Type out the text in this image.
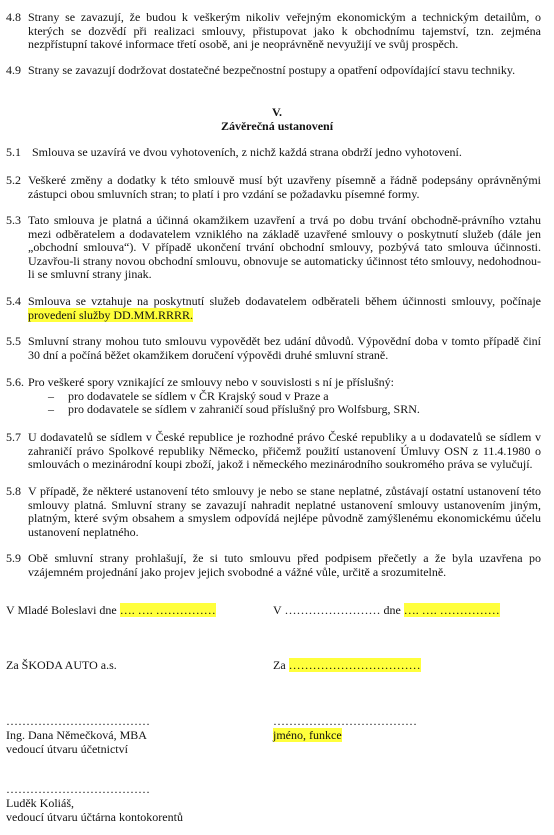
4.8 Strany se zavazují, že budou k veškerým nikoliv veřejným ekonomickým a technickým detailům, o kterých se dozvědí při realizaci smlouvy, přistupovat jako k obchodnímu tajemství, tzn. zejména nezpřístupní takové informace třetí osobě, ani je neoprávněně nevyužijí ve svůj prospěch.
4.9 Strany se zavazují dodržovat dostatečné bezpečnostní postupy a opatření odpovídající stavu techniky.
V.
Závěrečná ustanovení
5.1 Smlouva se uzavírá ve dvou vyhotoveních, z nichž každá strana obdrží jedno vyhotovení.
5.2 Veškeré změny a dodatky k této smlouvě musí být uzavřeny písemně a řádně podepsány oprávněnými zástupci obou smluvních stran; to platí i pro vzdání se požadavku písemné formy.
5.3 Tato smlouva je platná a účinná okamžikem uzavření a trvá po dobu trvání obchodně-právního vztahu mezi odběratelem a dodavatelem vzniklého na základě uzavřené smlouvy o poskytnutí služeb (dále jen „obchodní smlouva“). V případě ukončení trvání obchodní smlouvy, pozbývá tato smlouva účinnosti. Uzavřou-li strany novou obchodní smlouvu, obnovuje se automaticky účinnost této smlouvy, nedohodnou-li se smluvní strany jinak.
5.4 Smlouva se vztahuje na poskytnutí služeb dodavatelem odběrateli během účinnosti smlouvy, počínaje provedení služby DD.MM.RRRR.
5.5 Smluvní strany mohou tuto smlouvu vypovědět bez udání důvodů. Výpovědní doba v tomto případě činí 30 dní a počíná běžet okamžikem doručení výpovědi druhé smluvní straně.
5.6. Pro veškeré spory vznikající ze smlouvy nebo v souvislosti s ní je příslušný:
– pro dodavatele se sídlem v ČR Krajský soud v Praze a
– pro dodavatele se sídlem v zahraničí soud příslušný pro Wolfsburg, SRN.
5.7 U dodavatelů se sídlem v České republice je rozhodné právo České republiky a u dodavatelů se sídlem v zahraničí právo Spolkové republiky Německo, přičemž použití ustanovení Úmluvy OSN z 11.4.1980 o smlouvách o mezinárodní koupi zboží, jakož i německého mezinárodního soukromého práva se vylučují.
5.8 V případě, že některé ustanovení této smlouvy je nebo se stane neplatné, zůstávají ostatní ustanovení této smlouvy platná. Smluvní strany se zavazují nahradit neplatné ustanovení smlouvy ustanovením jiným, platným, které svým obsahem a smyslem odpovídá nejlépe původně zamýšlenému ekonomickému účelu ustanovení neplatného.
5.9 Obě smluvní strany prohlašují, že si tuto smlouvu před podpisem přečetly a že byla uzavřena po vzájemném projednání jako projev jejich svobodné a vážné vůle, určitě a srozumitelně.
V Mladé Boleslavi dne …. …. ……………	V …………………… dne …. …. ……………
Za ŠKODA AUTO a.s.	Za ……………………………
………………………………	………………………………
Ing. Dana Němečková, MBA	jméno, funkce
vedoucí útvaru účetnictví
………………………………
Luděk Koliáš,
vedoucí útvaru účtárna kontokorentů
